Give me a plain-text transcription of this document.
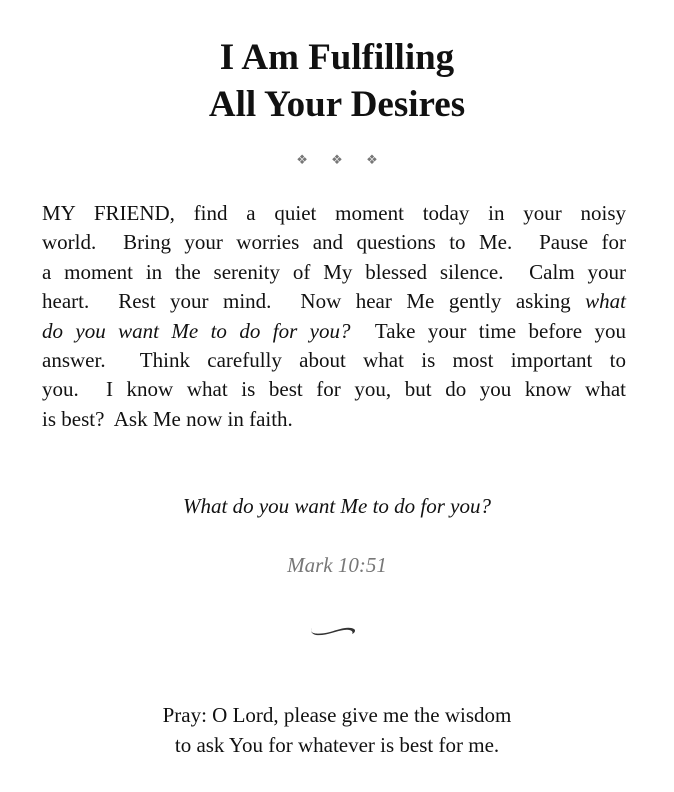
I Am Fulfilling
All Your Desires
❖ ❖ ❖
MY FRIEND, find a quiet moment today in your noisy
world.  Bring your worries and questions to Me.  Pause for
a moment in the serenity of My blessed silence.  Calm your
heart.  Rest your mind.  Now hear Me gently asking what
do you want Me to do for you?  Take your time before you
answer.  Think carefully about what is most important to
you.  I know what is best for you, but do you know what
is best?  Ask Me now in faith.
What do you want Me to do for you?
Mark 10:51
Pray: O Lord, please give me the wisdom
to ask You for whatever is best for me.
